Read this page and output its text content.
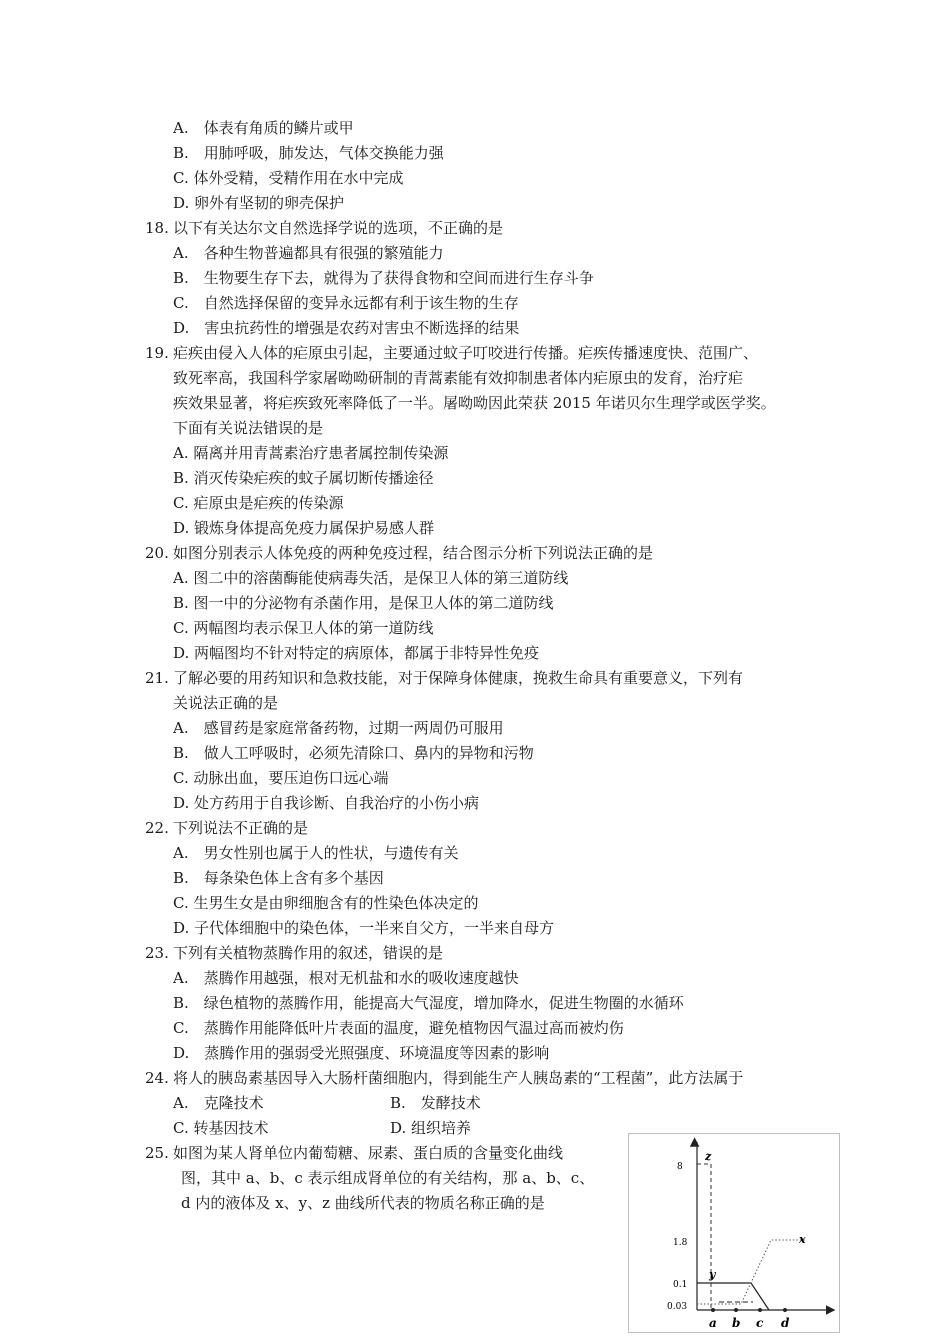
A.　体表有角质的鳞片或甲
B.　用肺呼吸，肺发达，气体交换能力强
C. 体外受精，受精作用在水中完成
D. 卵外有坚韧的卵壳保护
18. 以下有关达尔文自然选择学说的选项，不正确的是
A.　各种生物普遍都具有很强的繁殖能力
B.　生物要生存下去，就得为了获得食物和空间而进行生存斗争
C.　自然选择保留的变异永远都有利于该生物的生存
D.　害虫抗药性的增强是农药对害虫不断选择的结果
19. 疟疾由侵入人体的疟原虫引起，主要通过蚊子叮咬进行传播。疟疾传播速度快、范围广、
致死率高，我国科学家屠呦呦研制的青蒿素能有效抑制患者体内疟原虫的发育，治疗疟
疾效果显著，将疟疾致死率降低了一半。屠呦呦因此荣获 2015 年诺贝尔生理学或医学奖。
下面有关说法错误的是
A. 隔离并用青蒿素治疗患者属控制传染源
B. 消灭传染疟疾的蚊子属切断传播途径
C. 疟原虫是疟疾的传染源
D. 锻炼身体提高免疫力属保护易感人群
20. 如图分别表示人体免疫的两种免疫过程，结合图示分析下列说法正确的是
A. 图二中的溶菌酶能使病毒失活，是保卫人体的第三道防线
B. 图一中的分泌物有杀菌作用，是保卫人体的第二道防线
C. 两幅图均表示保卫人体的第一道防线
D. 两幅图均不针对特定的病原体，都属于非特异性免疫
21. 了解必要的用药知识和急救技能，对于保障身体健康，挽救生命具有重要意义，下列有
关说法正确的是
A.　感冒药是家庭常备药物，过期一两周仍可服用
B.　做人工呼吸时，必须先清除口、鼻内的异物和污物
C. 动脉出血，要压迫伤口远心端
D. 处方药用于自我诊断、自我治疗的小伤小病
22. 下列说法不正确的是
A.　男女性别也属于人的性状，与遗传有关
B.　每条染色体上含有多个基因
C. 生男生女是由卵细胞含有的性染色体决定的
D. 子代体细胞中的染色体，一半来自父方，一半来自母方
23. 下列有关植物蒸腾作用的叙述，错误的是
A.　蒸腾作用越强，根对无机盐和水的吸收速度越快
B.　绿色植物的蒸腾作用，能提高大气湿度，增加降水，促进生物圈的水循环
C.　蒸腾作用能降低叶片表面的温度，避免植物因气温过高而被灼伤
D.　蒸腾作用的强弱受光照强度、环境温度等因素的影响
24. 将人的胰岛素基因导入大肠杆菌细胞内，得到能生产人胰岛素的“工程菌”，此方法属于
A.　克隆技术	B.　发酵技术
C. 转基因技术	D. 组织培养
25. 如图为某人肾单位内葡萄糖、尿素、蛋白质的含量变化曲线
图，其中 a、b、c 表示组成肾单位的有关结构，那 a、b、c、
d 内的液体及 x、y、z 曲线所代表的物质名称正确的是
8
1.8
0.1
0.03
a b c d
z
y
x
